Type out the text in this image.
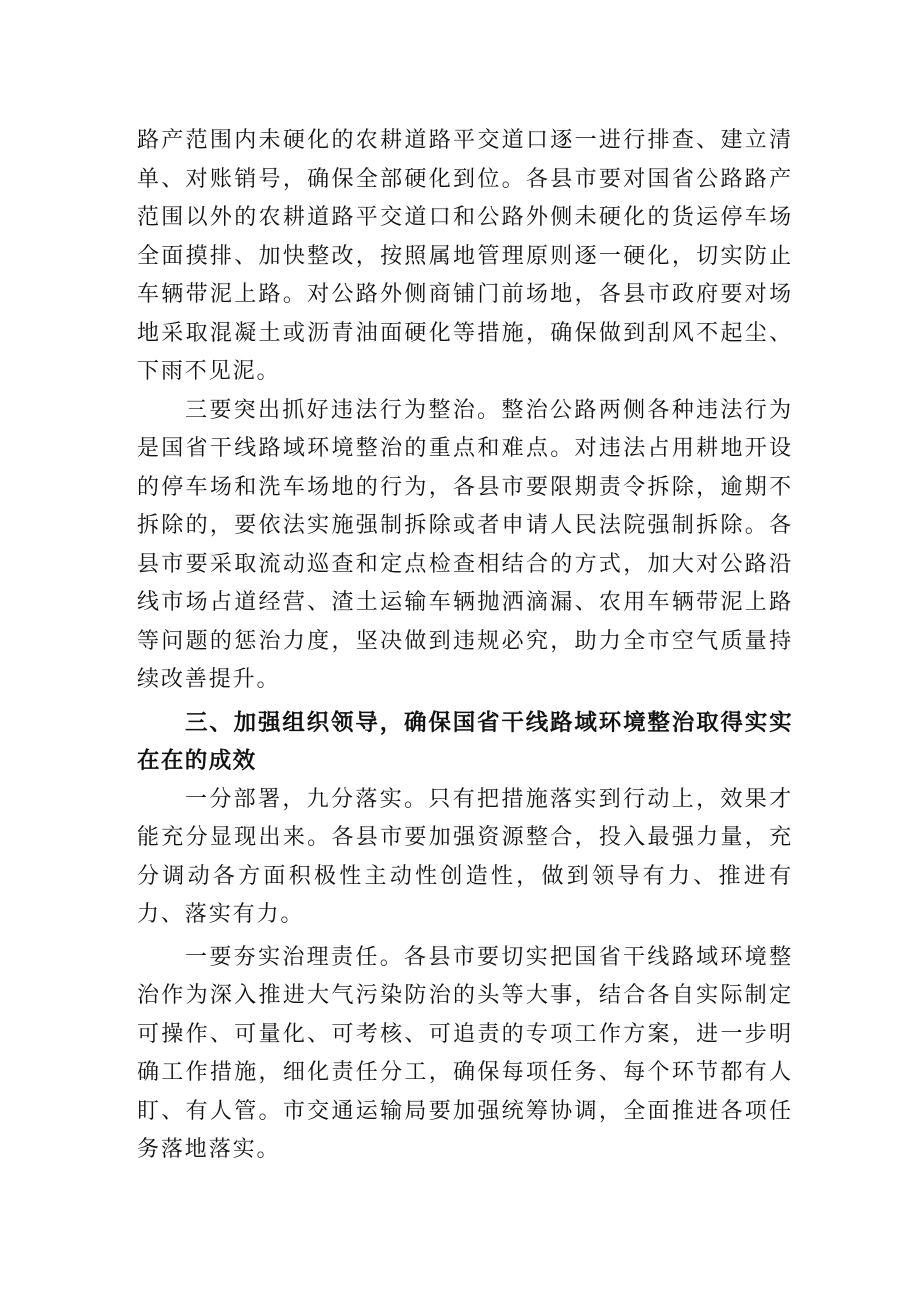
路产范围内未硬化的农耕道路平交道口逐一进行排查、建立清单、对账销号，确保全部硬化到位。各县市要对国省公路路产范围以外的农耕道路平交道口和公路外侧未硬化的货运停车场全面摸排、加快整改，按照属地管理原则逐一硬化，切实防止车辆带泥上路。对公路外侧商铺门前场地，各县市政府要对场地采取混凝土或沥青油面硬化等措施，确保做到刮风不起尘、下雨不见泥。

三要突出抓好违法行为整治。整治公路两侧各种违法行为是国省干线路域环境整治的重点和难点。对违法占用耕地开设的停车场和洗车场地的行为，各县市要限期责令拆除，逾期不拆除的，要依法实施强制拆除或者申请人民法院强制拆除。各县市要采取流动巡查和定点检查相结合的方式，加大对公路沿线市场占道经营、渣土运输车辆抛洒滴漏、农用车辆带泥上路等问题的惩治力度，坚决做到违规必究，助力全市空气质量持续改善提升。

三、加强组织领导，确保国省干线路域环境整治取得实实在在的成效

一分部署，九分落实。只有把措施落实到行动上，效果才能充分显现出来。各县市要加强资源整合，投入最强力量，充分调动各方面积极性主动性创造性，做到领导有力、推进有力、落实有力。

一要夯实治理责任。各县市要切实把国省干线路域环境整治作为深入推进大气污染防治的头等大事，结合各自实际制定可操作、可量化、可考核、可追责的专项工作方案，进一步明确工作措施，细化责任分工，确保每项任务、每个环节都有人盯、有人管。市交通运输局要加强统筹协调，全面推进各项任务落地落实。
